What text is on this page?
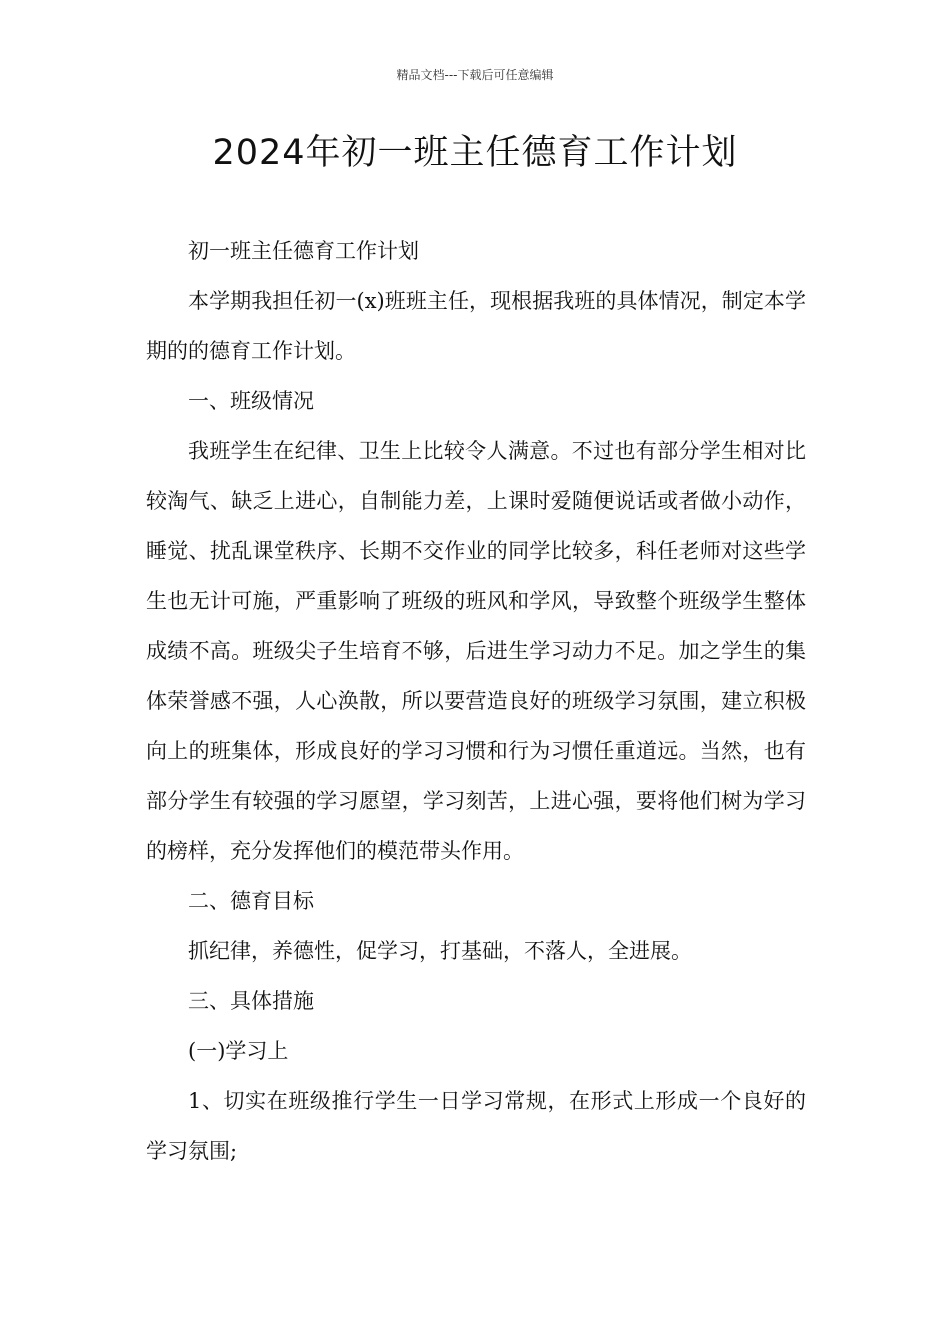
精品文档---下载后可任意编辑
2024年初一班主任德育工作计划

初一班主任德育工作计划

本学期我担任初一(x)班班主任，现根据我班的具体情况，制定本学期的的德育工作计划。

一、班级情况

我班学生在纪律、卫生上比较令人满意。不过也有部分学生相对比较淘气、缺乏上进心，自制能力差，上课时爱随便说话或者做小动作，睡觉、扰乱课堂秩序、长期不交作业的同学比较多，科任老师对这些学生也无计可施，严重影响了班级的班风和学风，导致整个班级学生整体成绩不高。班级尖子生培育不够，后进生学习动力不足。加之学生的集体荣誉感不强，人心涣散，所以要营造良好的班级学习氛围，建立积极向上的班集体，形成良好的学习习惯和行为习惯任重道远。当然，也有部分学生有较强的学习愿望，学习刻苦，上进心强，要将他们树为学习的榜样，充分发挥他们的模范带头作用。

二、德育目标

抓纪律，养德性，促学习，打基础，不落人，全进展。

三、具体措施

(一)学习上

1、切实在班级推行学生一日学习常规，在形式上形成一个良好的学习氛围;
